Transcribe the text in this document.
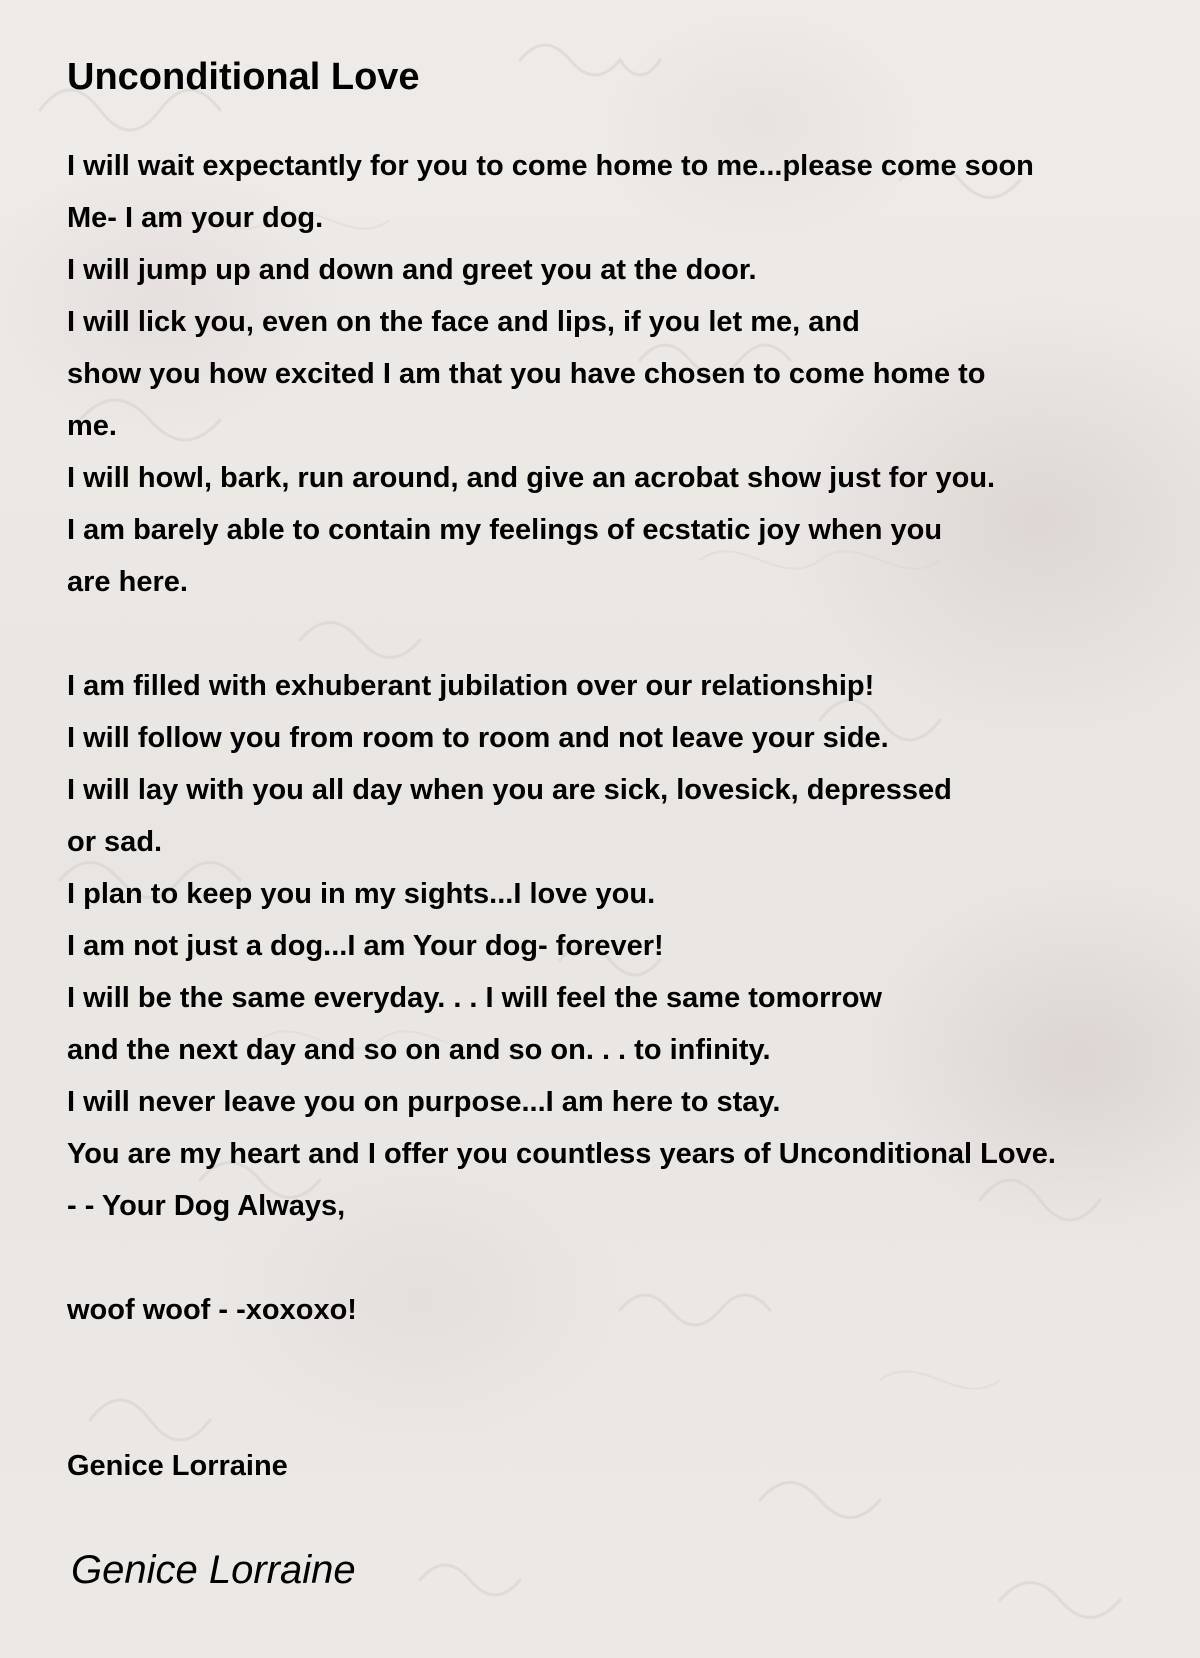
Unconditional Love
I will wait expectantly for you to come home to me...please come soon
Me- I am your dog.
I will jump up and down and greet you at the door.
I will lick you, even on the face and lips, if you let me, and
show you how excited I am that you have chosen to come home to
me.
I will howl, bark, run around, and give an acrobat show just for you.
I am barely able to contain my feelings of ecstatic joy when you
are here.
I am filled with exhuberant jubilation over our relationship!
I will follow you from room to room and not leave your side.
I will lay with you all day when you are sick, lovesick, depressed
or sad.
I plan to keep you in my sights...I love you.
I am not just a dog...I am Your dog- forever!
I will be the same everyday. . . I will feel the same tomorrow
and the next day and so on and so on. . . to infinity.
I will never leave you on purpose...I am here to stay.
You are my heart and I offer you countless years of Unconditional Love.
- - Your Dog Always,
woof woof - -xoxoxo!
Genice Lorraine
Genice Lorraine
